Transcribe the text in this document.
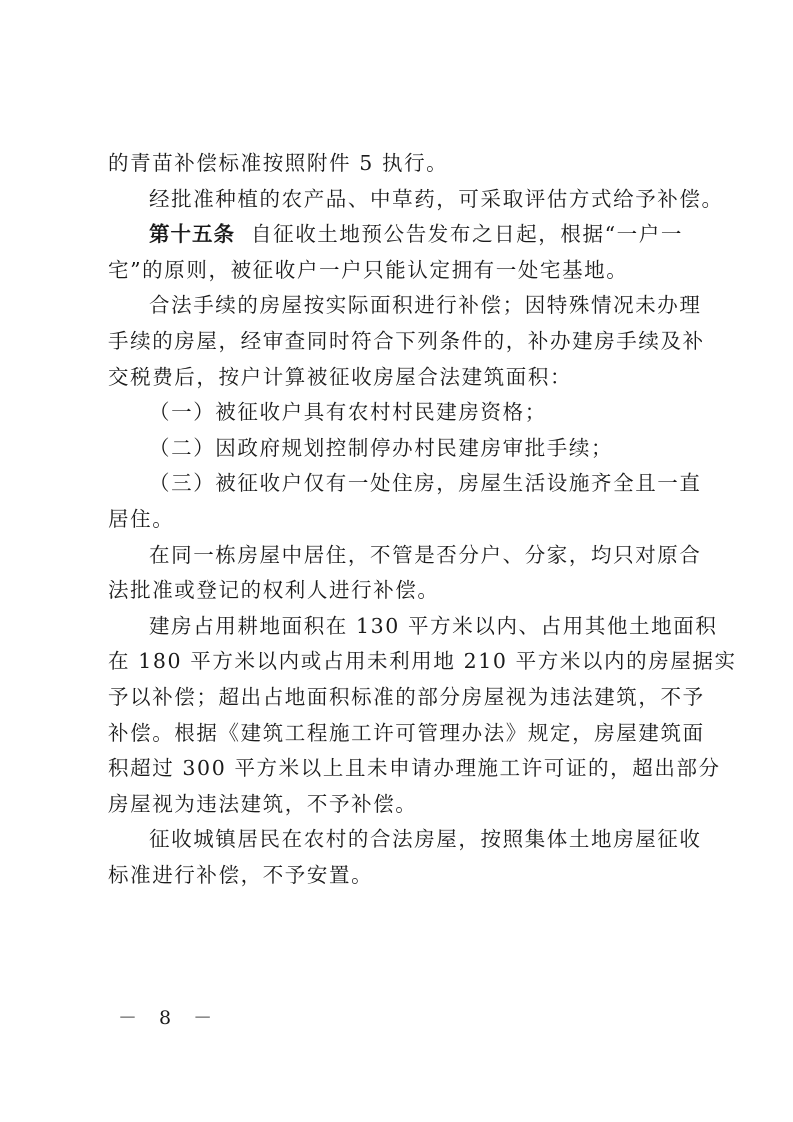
的青苗补偿标准按照附件 5 执行。

经批准种植的农产品、中草药，可采取评估方式给予补偿。

第十五条 自征收土地预公告发布之日起，根据“一户一

宅”的原则，被征收户一户只能认定拥有一处宅基地。

合法手续的房屋按实际面积进行补偿；因特殊情况未办理

手续的房屋，经审查同时符合下列条件的，补办建房手续及补

交税费后，按户计算被征收房屋合法建筑面积：

（一）被征收户具有农村村民建房资格；

（二）因政府规划控制停办村民建房审批手续；

（三）被征收户仅有一处住房，房屋生活设施齐全且一直

居住。

在同一栋房屋中居住，不管是否分户、分家，均只对原合

法批准或登记的权利人进行补偿。

建房占用耕地面积在 130 平方米以内、占用其他土地面积

在 180 平方米以内或占用未利用地 210 平方米以内的房屋据实

予以补偿；超出占地面积标准的部分房屋视为违法建筑，不予

补偿。根据《建筑工程施工许可管理办法》规定，房屋建筑面

积超过 300 平方米以上且未申请办理施工许可证的，超出部分

房屋视为违法建筑，不予补偿。

征收城镇居民在农村的合法房屋，按照集体土地房屋征收

标准进行补偿，不予安置。

－ 8 －
